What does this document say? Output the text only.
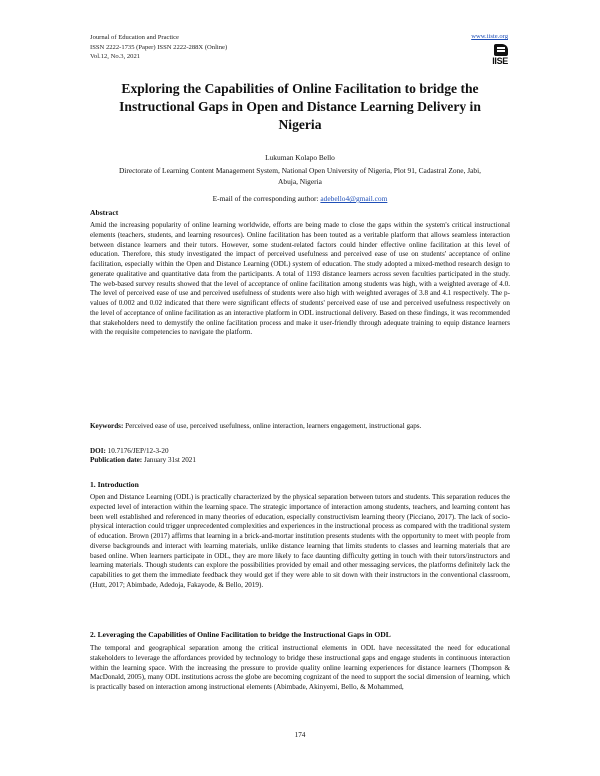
Journal of Education and Practice
ISSN 2222-1735 (Paper) ISSN 2222-288X (Online)
Vol.12, No.3, 2021
www.iiste.org
IISE
Exploring the Capabilities of Online Facilitation to bridge the Instructional Gaps in Open and Distance Learning Delivery in Nigeria
Lukuman Kolapo Bello
Directorate of Learning Content Management System, National Open University of Nigeria, Plot 91, Cadastral Zone, Jabi, Abuja, Nigeria
E-mail of the corresponding author: adebello4@gmail.com
Abstract

Amid the increasing popularity of online learning worldwide, efforts are being made to close the gaps within the system's critical instructional elements (teachers, students, and learning resources). Online facilitation has been touted as a veritable platform that allows seamless interaction between distance learners and their tutors. However, some student-related factors could hinder effective online facilitation at this level of education. Therefore, this study investigated the impact of perceived usefulness and perceived ease of use on students' acceptance of online facilitation, especially within the Open and Distance Learning (ODL) system of education. The study adopted a mixed-method research design to generate qualitative and quantitative data from the participants. A total of 1193 distance learners across seven faculties participated in the study. The web-based survey results showed that the level of acceptance of online facilitation among students was high, with a weighted average of 4.0. The level of perceived ease of use and perceived usefulness of students were also high with weighted averages of 3.8 and 4.1 respectively. The p-values of 0.002 and 0.02 indicated that there were significant effects of students' perceived ease of use and perceived usefulness respectively on the level of acceptance of online facilitation as an interactive platform in ODL instructional delivery. Based on these findings, it was recommended that stakeholders need to demystify the online facilitation process and make it user-friendly through adequate training to equip distance learners with the requisite competencies to navigate the platform.

Keywords: Perceived ease of use, perceived usefulness, online interaction, learners engagement, instructional gaps.
DOI: 10.7176/JEP/12-3-20
Publication date: January 31st 2021
1. Introduction

Open and Distance Learning (ODL) is practically characterized by the physical separation between tutors and students. This separation reduces the expected level of interaction within the learning space. The strategic importance of interaction among students, teachers, and learning content has been well established and referenced in many theories of education, especially constructivism learning theory (Picciano, 2017). The lack of socio-physical interaction could trigger unprecedented complexities and experiences in the instructional process as compared with the traditional system of education. Brown (2017) affirms that learning in a brick-and-mortar institution presents students with the opportunity to meet with people from diverse backgrounds and interact with learning materials, unlike distance learning that limits students to classes and learning materials that are based online. When learners participate in ODL, they are more likely to face daunting difficulty getting in touch with their tutors/instructors and learning materials. Though students can explore the possibilities provided by email and other messaging services, the platforms definitely lack the capabilities to get them the immediate feedback they would get if they were able to sit down with their instructors in the conventional classroom, (Hutt, 2017; Abimbade, Adedoja, Fakayode, & Bello, 2019).

2. Leveraging the Capabilities of Online Facilitation to bridge the Instructional Gaps in ODL

The temporal and geographical separation among the critical instructional elements in ODL have necessitated the need for educational stakeholders to leverage the affordances provided by technology to bridge these instructional gaps and engage students in continuous interaction within the learning space. With the increasing the pressure to provide quality online learning experiences for distance learners (Thompson & MacDonald, 2005), many ODL institutions across the globe are becoming cognizant of the need to support the social dimension of learning, which is practically based on interaction among instructional elements (Abimbade, Akinyemi, Bello, & Mohammed,

174
